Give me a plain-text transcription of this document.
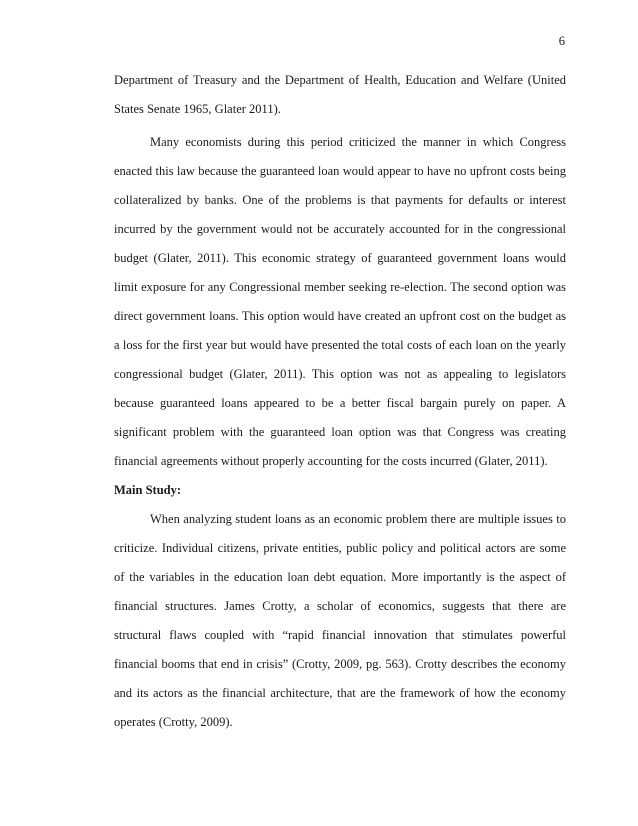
6
Department of Treasury and the Department of Health, Education and Welfare (United
States Senate 1965, Glater 2011).
Many economists during this period criticized the manner in which Congress
enacted this law because the guaranteed loan would appear to have no upfront costs being
collateralized by banks. One of the problems is that payments for defaults or interest
incurred by the government would not be accurately accounted for in the congressional
budget (Glater, 2011). This economic strategy of guaranteed government loans would
limit exposure for any Congressional member seeking re-election. The second option was
direct government loans. This option would have created an upfront cost on the budget as
a loss for the first year but would have presented the total costs of each loan on the yearly
congressional budget (Glater, 2011). This option was not as appealing to legislators
because guaranteed loans appeared to be a better fiscal bargain purely on paper. A
significant problem with the guaranteed loan option was that Congress was creating
financial agreements without properly accounting for the costs incurred (Glater, 2011).
Main Study:
When analyzing student loans as an economic problem there are multiple issues to
criticize. Individual citizens, private entities, public policy and political actors are some
of the variables in the education loan debt equation. More importantly is the aspect of
financial structures. James Crotty, a scholar of economics, suggests that there are
structural flaws coupled with “rapid financial innovation that stimulates powerful
financial booms that end in crisis” (Crotty, 2009, pg. 563). Crotty describes the economy
and its actors as the financial architecture, that are the framework of how the economy
operates (Crotty, 2009).
